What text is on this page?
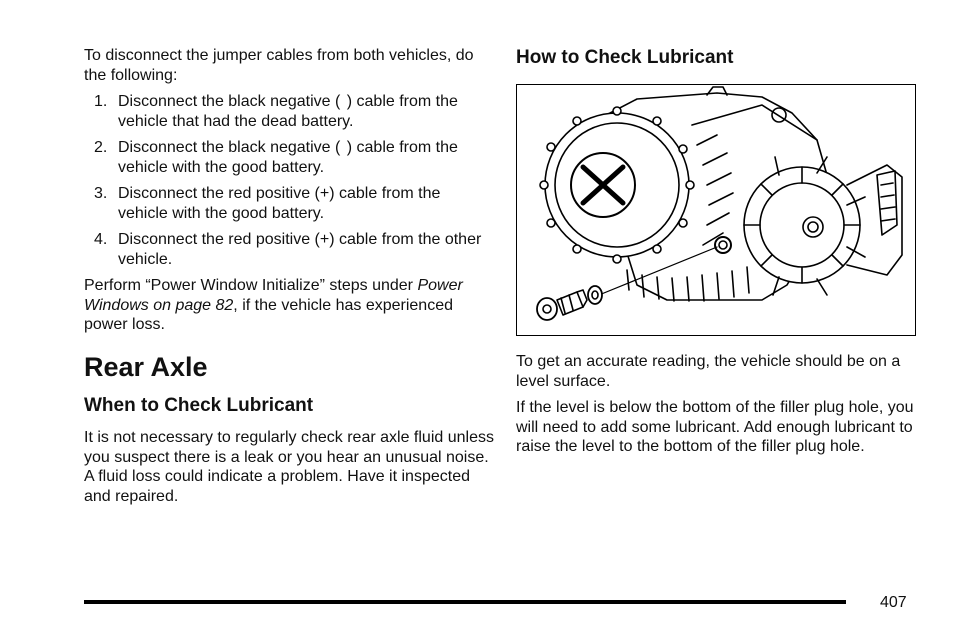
To disconnect the jumper cables from both vehicles, do the following:

1. Disconnect the black negative (  ) cable from the vehicle that had the dead battery.
2. Disconnect the black negative (  ) cable from the vehicle with the good battery.
3. Disconnect the red positive (+) cable from the vehicle with the good battery.
4. Disconnect the red positive (+) cable from the other vehicle.

Perform “Power Window Initialize” steps under Power Windows on page 82, if the vehicle has experienced power loss.

Rear Axle
When to Check Lubricant

It is not necessary to regularly check rear axle fluid unless you suspect there is a leak or you hear an unusual noise. A fluid loss could indicate a problem. Have it inspected and repaired.

How to Check Lubricant

To get an accurate reading, the vehicle should be on a level surface.

If the level is below the bottom of the filler plug hole, you will need to add some lubricant. Add enough lubricant to raise the level to the bottom of the filler plug hole.

407
